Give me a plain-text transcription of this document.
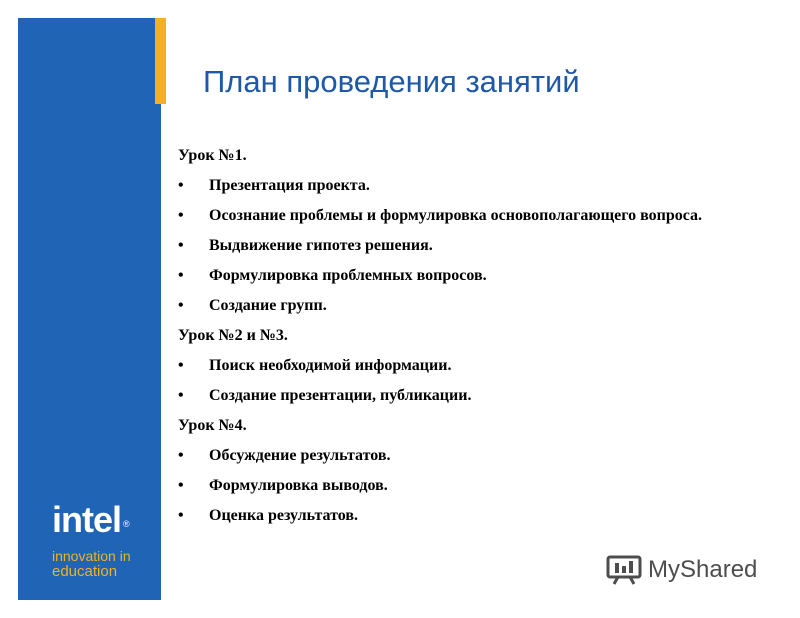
План проведения занятий
Урок №1.
• Презентация проекта.
• Осознание проблемы и формулировка основополагающего вопроса.
• Выдвижение гипотез решения.
• Формулировка проблемных вопросов.
• Создание групп.
Урок №2 и №3.
• Поиск необходимой информации.
• Создание презентации, публикации.
Урок №4.
• Обсуждение результатов.
• Формулировка выводов.
• Оценка результатов.
intel ®
innovation in
education	MyShared
